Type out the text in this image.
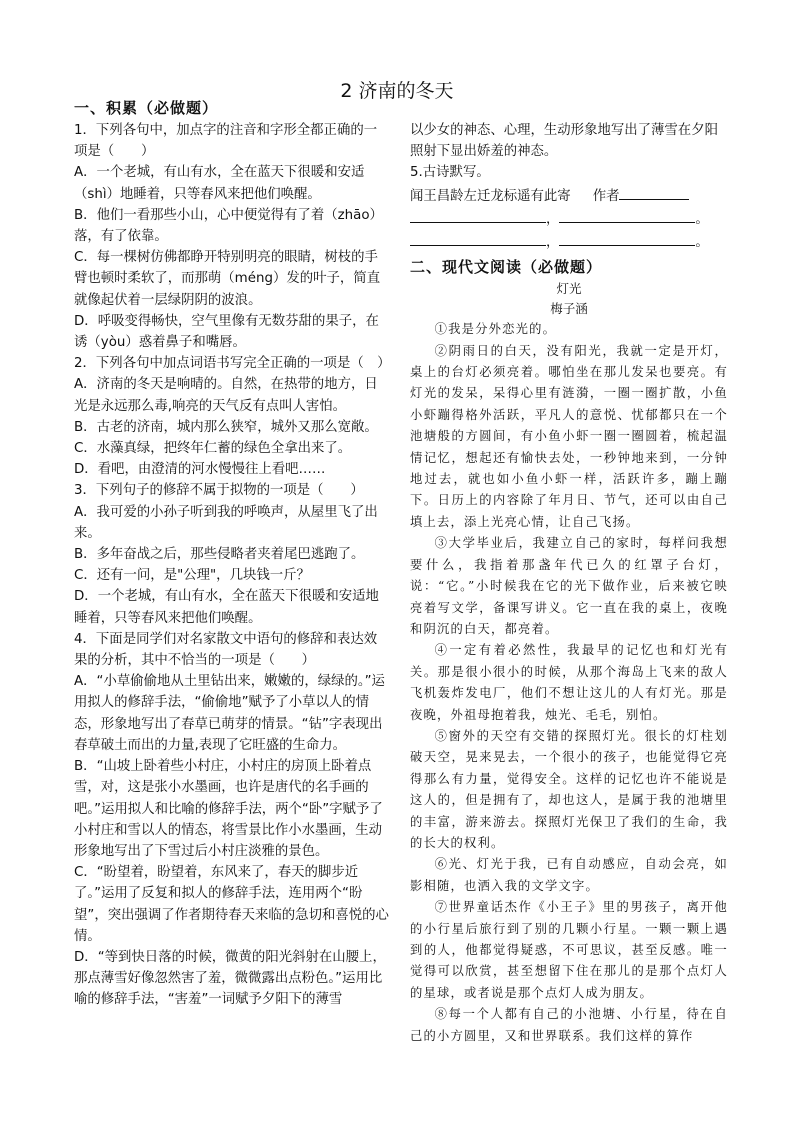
2 济南的冬天

一、积累（必做题）

1．下列各句中，加点字的注音和字形全都正确的一项是（　　）

A．一个老城，有山有水，全在蓝天下很暖和安适（shì）地睡着，只等春风来把他们唤醒。

B．他们一看那些小山，心中便觉得有了着（zhāo）落，有了依靠。

C．每一棵树仿佛都睁开特别明亮的眼睛，树枝的手臂也顿时柔软了，而那萌（méng）发的叶子，简直就像起伏着一层绿阴阴的波浪。

D．呼吸变得畅快，空气里像有无数芬甜的果子，在诱（yòu）惑着鼻子和嘴唇。

2．下列各句中加点词语书写完全正确的一项是（　）

A．济南的冬天是响晴的。自然，在热带的地方，日光是永远那么毒,响亮的天气反有点叫人害怕。

B．古老的济南，城内那么狭窄，城外又那么宽敞。

C．水藻真绿，把终年仁蓄的绿色全拿出来了。

D．看吧，由澄清的河水慢慢往上看吧……

3．下列句子的修辞不属于拟物的一项是（　　）

A．我可爱的小孙子听到我的呼唤声，从屋里飞了出来。

B．多年奋战之后，那些侵略者夹着尾巴逃跑了。

C．还有一问，是"公理"，几块钱一斤？

D．一个老城，有山有水，全在蓝天下很暖和安适地睡着，只等春风来把他们唤醒。

4．下面是同学们对名家散文中语句的修辞和表达效果的分析，其中不恰当的一项是（　　）

A．“小草偷偷地从土里钻出来，嫩嫩的，绿绿的。”运用拟人的修辞手法，“偷偷地”赋予了小草以人的情态，形象地写出了春草已萌芽的情景。“钻”字表现出春草破土而出的力量,表现了它旺盛的生命力。

B．“山坡上卧着些小村庄，小村庄的房顶上卧着点雪，对，这是张小水墨画，也许是唐代的名手画的吧。”运用拟人和比喻的修辞手法，两个“卧”字赋予了小村庄和雪以人的情态，将雪景比作小水墨画，生动形象地写出了下雪过后小村庄淡雅的景色。

C．“盼望着，盼望着，东风来了，春天的脚步近了。”运用了反复和拟人的修辞手法，连用两个“盼望”，突出强调了作者期待春天来临的急切和喜悦的心情。

D．“等到快日落的时候，微黄的阳光斜射在山腰上，那点薄雪好像忽然害了羞，微微露出点粉色。”运用比喻的修辞手法，“害羞”一词赋予夕阳下的薄雪

以少女的神态、心理，生动形象地写出了薄雪在夕阳照射下显出娇羞的神态。

5.古诗默写。

闻王昌龄左迁龙标遥有此寄 作者

，	。

，	。

二、现代文阅读（必做题）

灯光

梅子涵

①我是分外恋光的。

②阴雨日的白天，没有阳光，我就一定是开灯，桌上的台灯必须亮着。哪怕坐在那儿发呆也要亮。有灯光的发呆，呆得心里有涟漪，一圈一圈扩散，小鱼小虾蹦得格外活跃，平凡人的意悦、忧郁都只在一个池塘般的方圆间，有小鱼小虾一圈一圈圆着，梳起温情记忆，想起还有愉快去处，一秒钟地来到，一分钟地过去，就也如小鱼小虾一样，活跃许多，蹦上蹦下。日历上的内容除了年月日、节气，还可以由自己填上去，添上光亮心情，让自己飞扬。

③大学毕业后，我建立自己的家时，每样问我想要什么，我指着那盏年代已久的红罩子台灯，说：“它。”小时候我在它的光下做作业，后来被它映亮着写文学，备课写讲义。它一直在我的桌上，夜晚和阴沉的白天，都亮着。

④一定有着必然性，我最早的记忆也和灯光有关。那是很小很小的时候，从那个海岛上飞来的敌人飞机轰炸发电厂，他们不想让这儿的人有灯光。那是夜晚，外祖母抱着我，烛光、毛毛，别怕。

⑤窗外的天空有交错的探照灯光。很长的灯柱划破天空，晃来晃去，一个很小的孩子，也能觉得它亮得那么有力量，觉得安全。这样的记忆也许不能说是这人的，但是拥有了，却也这人，是属于我的池塘里的丰富，游来游去。探照灯光保卫了我们的生命，我的长大的权利。

⑥光、灯光于我，已有自动感应，自动会亮，如影相随，也洒入我的文学文字。

⑦世界童话杰作《小王子》里的男孩子，离开他的小行星后旅行到了别的几颗小行星。一颗一颗上遇到的人，他都觉得疑惑，不可思议，甚至反感。唯一觉得可以欣赏，甚至想留下住在那儿的是那个点灯人的星球，或者说是那个点灯人成为朋友。

⑧每一个人都有自己的小池塘、小行星，待在自己的小方圆里，又和世界联系。我们这样的算作
